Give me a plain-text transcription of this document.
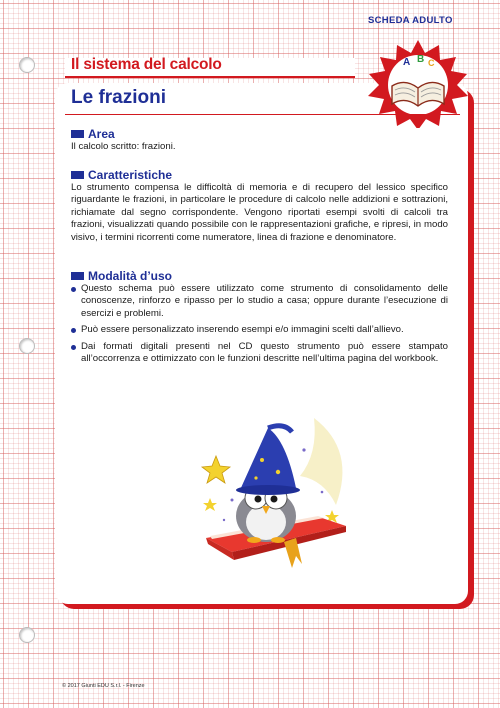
SCHEDA ADULTO
Il sistema del calcolo	A B C
Le frazioni
Area

Il calcolo scritto: frazioni.

Caratteristiche

Lo strumento compensa le difficoltà di memoria e di recupero del lessico specifico riguardante le frazioni, in particolare le procedure di calcolo nelle addizioni e sottrazioni, richiamate dal segno corrispondente. Vengono riportati esempi svolti di calcoli tra frazioni, visualizzati quando possibile con le rappresentazioni grafiche, e ripresi, in modo visivo, i termini ricorrenti come numeratore, linea di frazione e denominatore.

Modalità d’uso
Questo schema può essere utilizzato come strumento di consolidamento delle conoscenze, rinforzo e ripasso per lo studio a casa; oppure durante l’esecuzione di esercizi e problemi.
Può essere personalizzato inserendo esempi e/o immagini scelti dall’allievo.
Dai formati digitali presenti nel CD questo strumento può essere stampato all’occorrenza e ottimizzato con le funzioni descritte nell’ultima pagina del workbook.
© 2017 Giunti EDU S.r.l. - Firenze
